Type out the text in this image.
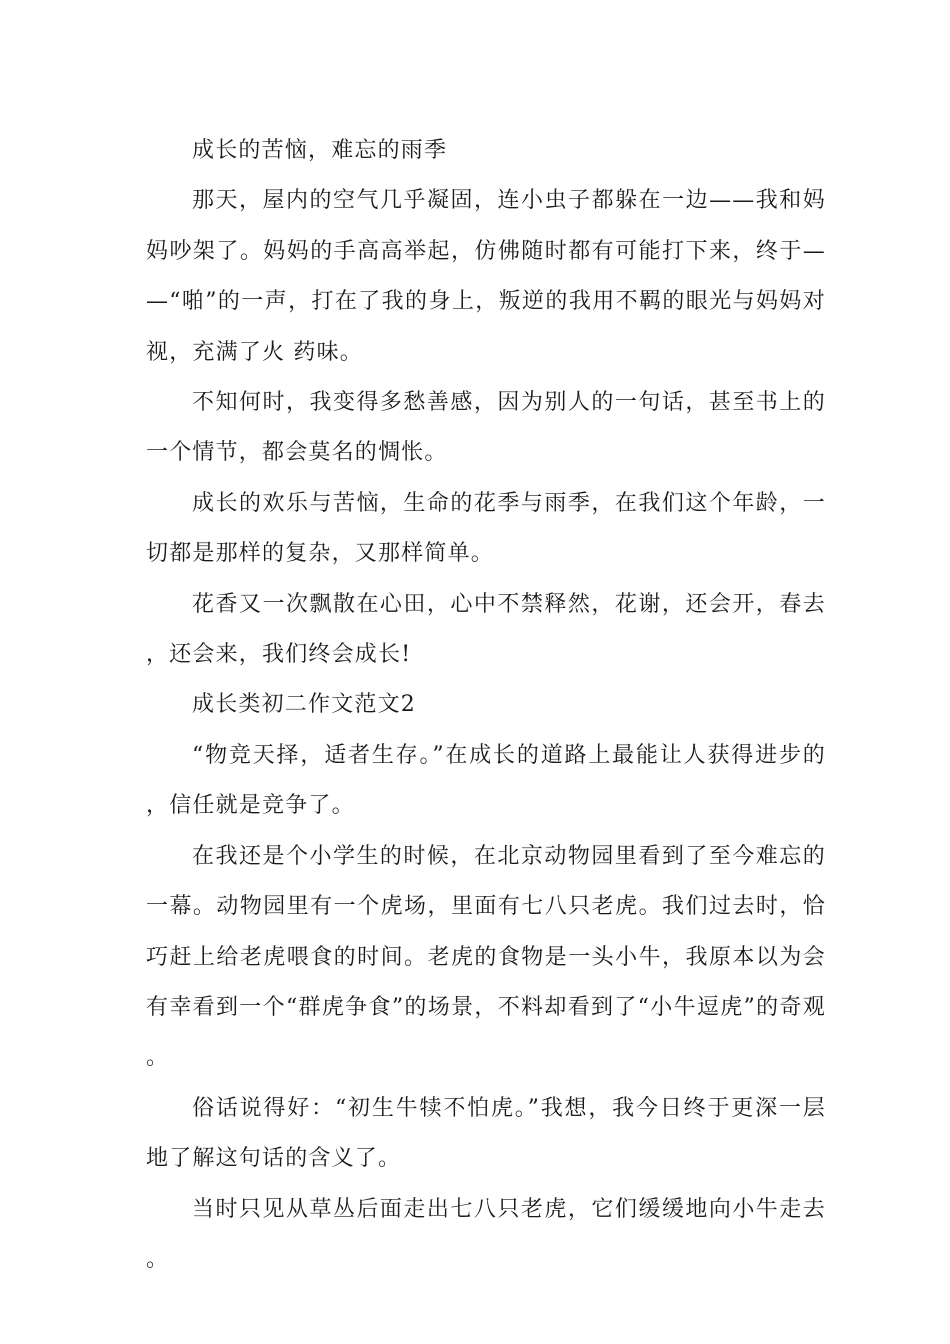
成长的苦恼，难忘的雨季

那天，屋内的空气几乎凝固，连小虫子都躲在一边——我和妈妈吵架了。妈妈的手高高举起，仿佛随时都有可能打下来，终于——“啪”的一声，打在了我的身上，叛逆的我用不羁的眼光与妈妈对视，充满了火 药味。

不知何时，我变得多愁善感，因为别人的一句话，甚至书上的一个情节，都会莫名的惆怅。

成长的欢乐与苦恼，生命的花季与雨季，在我们这个年龄，一切都是那样的复杂，又那样简单。

花香又一次飘散在心田，心中不禁释然，花谢，还会开，春去，还会来，我们终会成长!

成长类初二作文范文2

“物竞天择，适者生存。”在成长的道路上最能让人获得进步的，信任就是竞争了。

在我还是个小学生的时候，在北京动物园里看到了至今难忘的一幕。动物园里有一个虎场，里面有七八只老虎。我们过去时，恰巧赶上给老虎喂食的时间。老虎的食物是一头小牛，我原本以为会有幸看到一个“群虎争食”的场景，不料却看到了“小牛逗虎”的奇观。

俗话说得好：“初生牛犊不怕虎。”我想，我今日终于更深一层地了解这句话的含义了。

当时只见从草丛后面走出七八只老虎，它们缓缓地向小牛走去。
